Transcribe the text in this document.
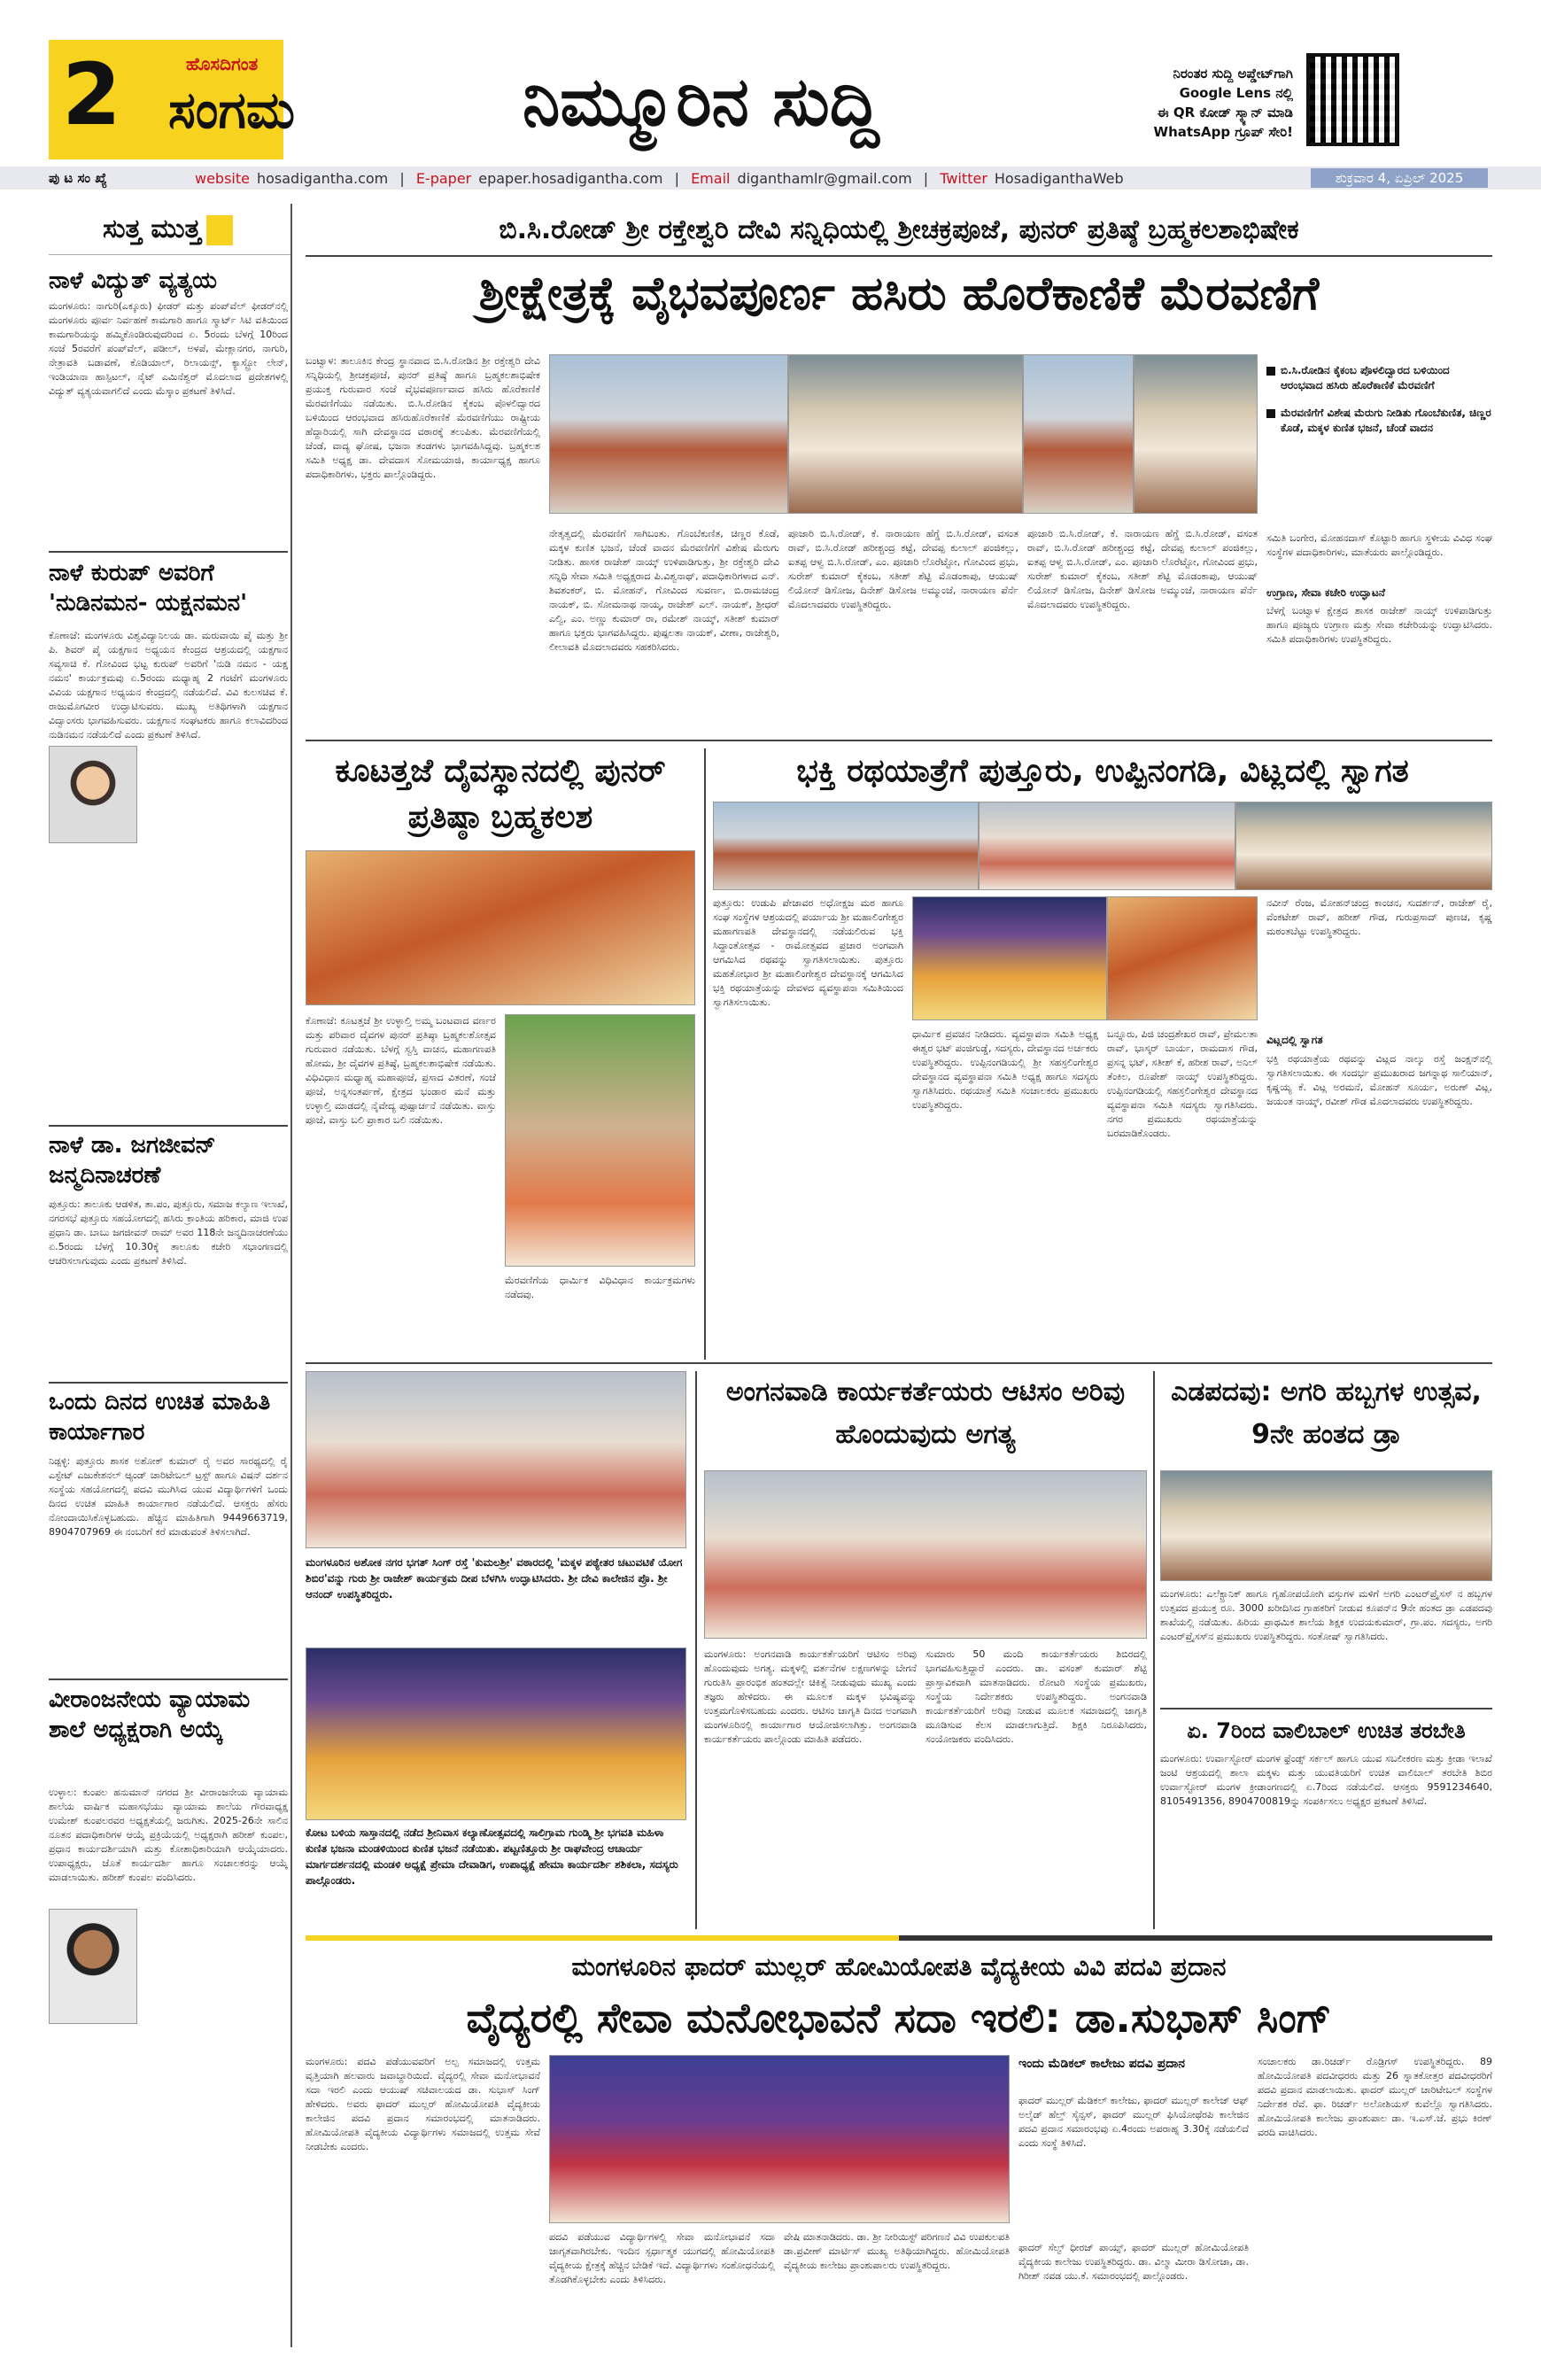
2	ಹೊಸದಿಗಂತ
ಸಂಗಮ	ನಿಮ್ಮೂರಿನ ಸುದ್ದಿ	ನಿರಂತರ ಸುದ್ದಿ ಅಪ್ಡೇಟ್‌ಗಾಗಿ
Google Lens ನಲ್ಲಿ
ಈ QR ಕೋಡ್ ಸ್ಕ್ಯಾನ್ ಮಾಡಿ
WhatsApp ಗ್ರೂಪ್ ಸೇರಿ!
ಪು ಟ ಸಂ ಖ್ಯೆ	website hosadigantha.com | E-paper epaper.hosadigantha.com | Email diganthamlr@gmail.com | Twitter HosadiganthaWeb	ಶುಕ್ರವಾರ 4, ಏಪ್ರಿಲ್ 2025
ಸುತ್ತ ಮುತ್ತ
ನಾಳೆ ವಿದ್ಯುತ್ ವ್ಯತ್ಯಯ
ಮಂಗಳೂರು: ನಾಗುರಿ(ಎಕ್ಕೂರು) ಫೀಡರ್ ಮತ್ತು ಪಂಪ್‌ವೆಲ್ ಫೀಡರ್‌ನಲ್ಲಿ ಮಂಗಳೂರು ಪೂರ್ವ ನಿರ್ವಹಣೆ ಕಾಮಗಾರಿ ಹಾಗೂ ಸ್ಮಾರ್ಟ್ ಸಿಟಿ ವತಿಯಿಂದ ಕಾಮಗಾರಿಯನ್ನು ಹಮ್ಮಿಕೊಂಡಿರುವುದರಿಂದ ಏ. 5ರಂದು ಬೆಳಗ್ಗೆ 10ರಿಂದ ಸಂಜೆ 5ರವರೆಗೆ ಪಂಪ್‌ವೆಲ್, ಪಡೀಲ್, ಅಳಪೆ, ಮೇಕ್ಲಾನಗರ, ನಾಗುರಿ, ನೇತ್ರಾವತಿ ಬಡಾವಣೆ, ಕೊಡಿಯಾಲ್, ರಿಲಾಯನ್ಸ್, ಕ್ಯಾಸ್ಟ್ರೋ ಲೇನ್, ಇಂಡಿಯಾನಾ ಹಾಸ್ಪಿಟಲ್, ನೈಟ್ ಎಮಿನೆಶ್ವರ್ ಮೊದಲಾದ ಪ್ರದೇಶಗಳಲ್ಲಿ ವಿದ್ಯುತ್ ವ್ಯತ್ಯಯವಾಗಲಿದೆ ಎಂದು ಮೆಸ್ಕಾಂ ಪ್ರಕಟಣೆ ತಿಳಿಸಿದೆ.
ನಾಳೆ ಕುರುಪ್ ಅವರಿಗೆ 'ನುಡಿನಮನ- ಯಕ್ಷನಮನ'
ಕೊಣಾಜೆ: ಮಂಗಳೂರು ವಿಶ್ವವಿದ್ಯಾನಿಲಯ ಡಾ. ಮರುವಾಯಿ ಪೈ ಮತ್ತು ಶ್ರೀ ಪಿ. ಶಿವರ್ ಪೈ ಯಕ್ಷಗಾನ ಅಧ್ಯಯನ ಕೇಂದ್ರದ ಆಶ್ರಯದಲ್ಲಿ ಯಕ್ಷಗಾನ ಸವ್ಯಸಾಚಿ ಕೆ. ಗೋವಿಂದ ಭಟ್ಟ ಕುರುಪ್ ಅವರಿಗೆ 'ನುಡಿ ನಮನ - ಯಕ್ಷ ನಮನ' ಕಾರ್ಯಕ್ರಮವು ಏ.5ರಂದು ಮಧ್ಯಾಹ್ನ 2 ಗಂಟೆಗೆ ಮಂಗಳೂರು ವಿವಿಯ ಯಕ್ಷಗಾನ ಅಧ್ಯಯನ ಕೇಂದ್ರದಲ್ಲಿ ನಡೆಯಲಿದೆ. ವಿವಿ ಕುಲಸಚಿವ ಕೆ. ರಾಜುಮೊಗವೀರ ಉದ್ಘಾಟಿಸುವರು. ಮುಖ್ಯ ಅತಿಥಿಗಳಾಗಿ ಯಕ್ಷಗಾನ ವಿದ್ವಾಂಸರು ಭಾಗವಹಿಸುವರು. ಯಕ್ಷಗಾನ ಸಂಘಟಕರು ಹಾಗೂ ಕಲಾವಿದರಿಂದ ನುಡಿನಮನ ನಡೆಯಲಿದೆ ಎಂದು ಪ್ರಕಟಣೆ ತಿಳಿಸಿದೆ.
ನಾಳೆ ಡಾ. ಜಗಜೀವನ್ ಜನ್ಮದಿನಾಚರಣೆ
ಪುತ್ತೂರು: ತಾಲೂಕು ಆಡಳಿತ, ತಾ.ಪಂ, ಪುತ್ತೂರು, ಸಮಾಜ ಕಲ್ಯಾಣ ಇಲಾಖೆ, ನಗರಸಭೆ ಪುತ್ತೂರು ಸಹಯೋಗದಲ್ಲಿ ಹಸಿರು ಕ್ರಾಂತಿಯ ಹರಿಕಾರ, ಮಾಜಿ ಉಪ ಪ್ರಧಾನಿ ಡಾ. ಬಾಬು ಜಗಜೀವನ್ ರಾಮ್ ಅವರ 118ನೇ ಜನ್ಮದಿನಾಚರಣೆಯು ಏ.5ರಂದು ಬೆಳಗ್ಗೆ 10.30ಕ್ಕೆ ತಾಲೂಕು ಕಚೇರಿ ಸಭಾಂಗಣದಲ್ಲಿ ಆಚರಿಸಲಾಗುವುದು ಎಂದು ಪ್ರಕಟಣೆ ತಿಳಿಸಿದೆ.
ಒಂದು ದಿನದ ಉಚಿತ ಮಾಹಿತಿ ಕಾರ್ಯಾಗಾರ
ನಿಡ್ಪಳ್ಳಿ: ಪುತ್ತೂರು ಶಾಸಕ ಅಶೋಕ್ ಕುಮಾರ್ ರೈ ಅವರ ಸಾರಥ್ಯದಲ್ಲಿ ರೈ ಎಸ್ಟೇಟ್ ಎಜುಕೇಶನಲ್ ಆ್ಯಂಡ್ ಚಾರಿಟೇಬಲ್ ಟ್ರಸ್ಟ್ ಹಾಗೂ ವಿಷನ್ ದರ್ಶನ ಸಂಸ್ಥೆಯ ಸಹಯೋಗದಲ್ಲಿ ಪದವಿ ಮುಗಿಸಿದ ಯುವ ವಿದ್ಯಾರ್ಥಿಗಳಿಗೆ ಒಂದು ದಿನದ ಉಚಿತ ಮಾಹಿತಿ ಕಾರ್ಯಾಗಾರ ನಡೆಯಲಿದೆ. ಆಸಕ್ತರು ಹೆಸರು ನೋಂದಾಯಿಸಿಕೊಳ್ಳಬಹುದು. ಹೆಚ್ಚಿನ ಮಾಹಿತಿಗಾಗಿ 9449663719, 8904707969 ಈ ನಂಬರಿಗೆ ಕರೆ ಮಾಡುವಂತೆ ತಿಳಿಸಲಾಗಿದೆ.
ವೀರಾಂಜನೇಯ ವ್ಯಾಯಾಮ ಶಾಲೆ ಅಧ್ಯಕ್ಷರಾಗಿ ಅಯ್ಕೆ
ಉಳ್ಳಾಲ: ಕುಂಪಲ ಹನುಮಾನ್ ನಗರದ ಶ್ರೀ ವೀರಾಂಜನೇಯ ವ್ಯಾಯಾಮ ಶಾಲೆಯ ವಾರ್ಷಿಕ ಮಹಾಸಭೆಯು ವ್ಯಾಯಾಮ ಶಾಲೆಯ ಗೌರವಾಧ್ಯಕ್ಷ ಉಮೇಶ್ ಕುಂಪಲರವರ ಅಧ್ಯಕ್ಷತೆಯಲ್ಲಿ ಜರುಗಿತು. 2025-26ನೇ ಸಾಲಿನ ನೂತನ ಪದಾಧಿಕಾರಿಗಳ ಆಯ್ಕೆ ಪ್ರಕ್ರಿಯೆಯಲ್ಲಿ ಅಧ್ಯಕ್ಷರಾಗಿ ಹರೀಶ್ ಕುಂಪಲ, ಪ್ರಧಾನ ಕಾರ್ಯದರ್ಶಿಯಾಗಿ ಮತ್ತು ಕೋಶಾಧಿಕಾರಿಯಾಗಿ ಆಯ್ಕೆಯಾದರು. ಉಪಾಧ್ಯಕ್ಷರು, ಜೊತೆ ಕಾರ್ಯದರ್ಶಿ ಹಾಗೂ ಸಂಚಾಲಕರನ್ನು ಆಯ್ಕೆ ಮಾಡಲಾಯಿತು. ಹರೀಶ್ ಕುಂಪಲ ವಂದಿಸಿದರು.
ಬಿ.ಸಿ.ರೋಡ್ ಶ್ರೀ ರಕ್ತೇಶ್ವರಿ ದೇವಿ ಸನ್ನಿಧಿಯಲ್ಲಿ ಶ್ರೀಚಕ್ರಪೂಜೆ, ಪುನರ್ ಪ್ರತಿಷ್ಠೆ ಬ್ರಹ್ಮಕಲಶಾಭಿಷೇಕ
ಶ್ರೀಕ್ಷೇತ್ರಕ್ಕೆ ವೈಭವಪೂರ್ಣ ಹಸಿರು ಹೊರೆಕಾಣಿಕೆ ಮೆರವಣಿಗೆ
ಬಂಟ್ವಾಳ: ತಾಲೂಕಿನ ಕೇಂದ್ರ ಸ್ಥಾನವಾದ ಬಿ.ಸಿ.ರೋಡಿನ ಶ್ರೀ ರಕ್ತೇಶ್ವರಿ ದೇವಿ ಸನ್ನಿಧಿಯಲ್ಲಿ ಶ್ರೀಚಕ್ರಪೂಜೆ, ಪುನರ್ ಪ್ರತಿಷ್ಠೆ ಹಾಗೂ ಬ್ರಹ್ಮಕಲಶಾಭಿಷೇಕ ಪ್ರಯುಕ್ತ ಗುರುವಾರ ಸಂಜೆ ವೈಭವಪೂರ್ಣವಾದ ಹಸಿರು ಹೊರೆಕಾಣಿಕೆ ಮೆರವಣಿಗೆಯು ನಡೆಯಿತು. ಬಿ.ಸಿ.ರೋಡಿನ ಕೈಕಂಬ ಪೊಳಲಿದ್ವಾರದ ಬಳಿಯಿಂದ ಆರಂಭವಾದ ಹಸಿರುಹೊರೆಕಾಣಿಕೆ ಮೆರವಣಿಗೆಯು ರಾಷ್ಟ್ರೀಯ ಹೆದ್ದಾರಿಯಲ್ಲಿ ಸಾಗಿ ದೇವಸ್ಥಾನದ ವಠಾರಕ್ಕೆ ತಲುಪಿತು. ಮೆರವಣಿಗೆಯಲ್ಲಿ ಚೆಂಡೆ, ವಾದ್ಯ ಘೋಷ, ಭಜನಾ ತಂಡಗಳು ಭಾಗವಹಿಸಿದ್ದವು. ಬ್ರಹ್ಮಕಲಶ ಸಮಿತಿ ಅಧ್ಯಕ್ಷ ಡಾ. ದೇವದಾಸ ಸೋಮಯಾಜಿ, ಕಾರ್ಯಾಧ್ಯಕ್ಷ ಹಾಗೂ ಪದಾಧಿಕಾರಿಗಳು, ಭಕ್ತರು ಪಾಲ್ಗೊಂಡಿದ್ದರು.
ನೇತೃತ್ವದಲ್ಲಿ ಮೆರವಣಿಗೆ ಸಾಗಿಬಂತು. ಗೊಂಬೆಕುಣಿತ, ಚಿಣ್ಣರ ಕೊಡೆ, ಮಕ್ಕಳ ಕುಣಿತ ಭಜನೆ, ಚೆಂಡೆ ವಾದನ ಮೆರವಣಿಗೆಗೆ ವಿಶೇಷ ಮೆರುಗು ನೀಡಿತು. ಹಾಸಕ ರಾಜೇಶ್ ನಾಯ್ಕ್ ಉಳಿಪಾಡಿಗುತ್ತು, ಶ್ರೀ ರಕ್ತೇಶ್ವರಿ ದೇವಿ ಸನ್ನಿಧಿ ಸೇವಾ ಸಮಿತಿ ಅಧ್ಯಕ್ಷರಾದ ಪಿ.ವಿಶ್ವನಾಥ್, ಪದಾಧಿಕಾರಿಗಳಾದ ಎನ್. ಶಿವಶಂಕರ್, ಬಿ. ಮೋಹನ್, ಗೋವಿಂದ ಸುವರ್ಣ, ಬಿ.ರಾಮಚಂದ್ರ ನಾಯಕ್, ಬಿ. ಸೋಮನಾಥ ನಾಯ್ಕ, ರಾಜೇಶ್ ಎಲ್. ನಾಯಕ್, ಶ್ರೀಧರ್ ಎಲ್ವಿ, ಎಂ. ಅಣ್ಣು ಕುಮಾರ್ ರಾ, ರಮೇಶ್ ನಾಯ್ಕ್, ಸತೀಶ್ ಕುಮಾರ್ ಹಾಗೂ ಭಕ್ತರು ಭಾಗವಹಿಸಿದ್ದರು. ಪುಷ್ಪಲತಾ ನಾಯಕ್, ವೀಣಾ, ರಾಜೇಶ್ವರಿ, ಲೀಲಾವತಿ ಮೊದಲಾದವರು ಸಹಕರಿಸಿದರು.
ಪೂಜಾರಿ ಬಿ.ಸಿ.ರೋಡ್, ಕೆ. ನಾರಾಯಣ ಹೆಗ್ಡೆ ಬಿ.ಸಿ.ರೋಡ್, ವಸಂತ ರಾವ್, ಬಿ.ಸಿ.ರೋಡ್ ಹರೀಶ್ಚಂದ್ರ ಕಟ್ಟೆ, ದೇವಪ್ಪ ಕುಲಾಲ್ ಪಂಜಿಕಲ್ಲು, ಐತಪ್ಪ ಆಳ್ವ ಬಿ.ಸಿ.ರೋಡ್, ಎಂ. ಪೂಜಾರಿ ಲೊರೆಟ್ಟೋ, ಗೋವಿಂದ ಪ್ರಭು, ಸುರೇಶ್ ಕುಮಾರ್ ಕೈಕಂಬ, ಸತೀಶ್ ಶೆಟ್ಟಿ ಮೊಡಂಕಾಪು, ಆಯುಷ್ ಲಿಯೋನ್ ಡಿಸೋಜ, ದಿನೇಶ್ ಡಿಸೋಜ ಅಮ್ಮುಂಜೆ, ನಾರಾಯಣ ಪೆರ್ನೆ ಮೊದಲಾದವರು ಉಪಸ್ಥಿತರಿದ್ದರು.
ಪೂಜಾರಿ ಬಿ.ಸಿ.ರೋಡ್, ಕೆ. ನಾರಾಯಣ ಹೆಗ್ಡೆ ಬಿ.ಸಿ.ರೋಡ್, ವಸಂತ ರಾವ್, ಬಿ.ಸಿ.ರೋಡ್ ಹರೀಶ್ಚಂದ್ರ ಕಟ್ಟೆ, ದೇವಪ್ಪ ಕುಲಾಲ್ ಪಂಜಿಕಲ್ಲು, ಐತಪ್ಪ ಆಳ್ವ ಬಿ.ಸಿ.ರೋಡ್, ಎಂ. ಪೂಜಾರಿ ಲೊರೆಟ್ಟೋ, ಗೋವಿಂದ ಪ್ರಭು, ಸುರೇಶ್ ಕುಮಾರ್ ಕೈಕಂಬ, ಸತೀಶ್ ಶೆಟ್ಟಿ ಮೊಡಂಕಾಪು, ಆಯುಷ್ ಲಿಯೋನ್ ಡಿಸೋಜ, ದಿನೇಶ್ ಡಿಸೋಜ ಅಮ್ಮುಂಜೆ, ನಾರಾಯಣ ಪೆರ್ನೆ ಮೊದಲಾದವರು ಉಪಸ್ಥಿತರಿದ್ದರು.
ಬಿ.ಸಿ.ರೋಡಿನ ಕೈಕಂಬ ಪೊಳಲಿದ್ವಾರದ ಬಳಿಯಿಂದ ಆರಂಭವಾದ ಹಸಿರು ಹೊರೆಕಾಣಿಕೆ ಮೆರವಣಿಗೆ
ಮೆರವಣಿಗೆಗೆ ವಿಶೇಷ ಮೆರುಗು ನೀಡಿತು ಗೊಂಬೆಕುಣಿತ, ಚಿಣ್ಣರ ಕೊಡೆ, ಮಕ್ಕಳ ಕುಣಿತ ಭಜನೆ, ಚೆಂಡೆ ವಾದನ
ಸಮಿತಿ ಬಂಗೇರ, ಮೋಹನದಾಸ್ ಕೊಟ್ಟಾರಿ ಹಾಗೂ ಸ್ಥಳೀಯ ವಿವಿಧ ಸಂಘ ಸಂಸ್ಥೆಗಳ ಪದಾಧಿಕಾರಿಗಳು, ಮಾತೆಯರು ಪಾಲ್ಗೊಂಡಿದ್ದರು.
ಉಗ್ರಾಣ, ಸೇವಾ ಕಚೇರಿ ಉದ್ಘಾಟನೆ
ಬೆಳಗ್ಗೆ ಬಂಟ್ವಾಳ ಕ್ಷೇತ್ರದ ಶಾಸಕ ರಾಜೇಶ್ ನಾಯ್ಕ್ ಉಳಿಪಾಡಿಗುತ್ತು ಹಾಗೂ ಪೂಜ್ಯರು ಉಗ್ರಾಣ ಮತ್ತು ಸೇವಾ ಕಚೇರಿಯನ್ನು ಉದ್ಘಾಟಿಸಿದರು. ಸಮಿತಿ ಪದಾಧಿಕಾರಿಗಳು ಉಪಸ್ಥಿತರಿದ್ದರು.
ಕೂಟತ್ತಜೆ ದೈವಸ್ಥಾನದಲ್ಲಿ ಪುನರ್ ಪ್ರತಿಷ್ಠಾ ಬ್ರಹ್ಮಕಲಶ
ಕೊಣಾಜೆ: ಕೂಟತ್ತಜೆ ಶ್ರೀ ಉಳ್ಳಾಲ್ತಿ ಅಮ್ಮ ಬಂಟವಾದ ವರ್ಣರ ಮತ್ತು ಪರಿವಾರ ದೈವಗಳ ಪುನರ್ ಪ್ರತಿಷ್ಠಾ ಬ್ರಹ್ಮಕಲಶೋತ್ಸವ ಗುರುವಾರ ನಡೆಯಿತು. ಬೆಳಗ್ಗೆ ಸ್ವಸ್ತಿ ವಾಚನ, ಮಹಾಗಣಪತಿ ಹೋಮ, ಶ್ರೀ ದೈವಗಳ ಪ್ರತಿಷ್ಠೆ, ಬ್ರಹ್ಮಕಲಶಾಭಿಷೇಕ ನಡೆಯಿತು. ವಿಧಿವಿಧಾನ ಮಧ್ಯಾಹ್ನ ಮಹಾಪೂಜೆ, ಪ್ರಸಾದ ವಿತರಣೆ, ಸಂಜೆ ಪೂಜೆ, ಅನ್ನಸಂತರ್ಪಣೆ, ಕ್ಷೇತ್ರದ ಭಂಡಾರ ಮನೆ ಮತ್ತು ಉಳ್ಳಾಲ್ತಿ ಮಾಡದಲ್ಲಿ ನೈವೇದ್ಯ ಪುಷ್ಪಾರ್ಚನೆ ನಡೆಯಿತು. ವಾಸ್ತು ಪೂಜೆ, ವಾಸ್ತು ಬಲಿ ಪ್ರಾಕಾರ ಬಲಿ ನಡೆಯಿತು.
ಮೆರವಣಿಗೆಯ ಧಾರ್ಮಿಕ ವಿಧಿವಿಧಾನ ಕಾರ್ಯಕ್ರಮಗಳು ನಡೆದವು.
ಭಕ್ತಿ ರಥಯಾತ್ರೆಗೆ ಪುತ್ತೂರು, ಉಪ್ಪಿನಂಗಡಿ, ವಿಟ್ಲದಲ್ಲಿ ಸ್ವಾಗತ
ಪುತ್ತೂರು: ಉಡುಪಿ ಪೇಜಾವರ ಅಧೋಕ್ಷಜ ಮಠ ಹಾಗೂ ಸಂಘ ಸಂಸ್ಥೆಗಳ ಆಶ್ರಯದಲ್ಲಿ ಪರ್ಯಾಯ ಶ್ರೀ ಮಹಾಲಿಂಗೇಶ್ವರ ಮಹಾಗಣಪತಿ ದೇವಸ್ಥಾನದಲ್ಲಿ ನಡೆಯಲಿರುವ ಭಕ್ತಿ ಸಿದ್ಧಾಂತೋತ್ಸವ - ರಾಮೋತ್ಸವದ ಪ್ರಚಾರ ಅಂಗವಾಗಿ ಆಗಮಿಸಿದ ರಥವನ್ನು ಸ್ವಾಗತಿಸಲಾಯಿತು. ಪುತ್ತೂರು ಮಹತೋಭಾರ ಶ್ರೀ ಮಹಾಲಿಂಗೇಶ್ವರ ದೇವಸ್ಥಾನಕ್ಕೆ ಆಗಮಿಸಿದ ಭಕ್ತಿ ರಥಯಾತ್ರೆಯನ್ನು ದೇವಳದ ವ್ಯವಸ್ಥಾಪನಾ ಸಮಿತಿಯಿಂದ ಸ್ವಾಗತಿಸಲಾಯಿತು.
ಧಾರ್ಮಿಕ ಪ್ರವಚನ ನೀಡಿದರು. ವ್ಯವಸ್ಥಾಪನಾ ಸಮಿತಿ ಅಧ್ಯಕ್ಷ ಈಶ್ವರ ಭಟ್ ಪಂಜಿಗುಡ್ಡೆ, ಸದಸ್ಯರು, ದೇವಸ್ಥಾನದ ಅರ್ಚಕರು ಉಪಸ್ಥಿತರಿದ್ದರು. ಉಪ್ಪಿನಂಗಡಿಯಲ್ಲಿ ಶ್ರೀ ಸಹಸ್ರಲಿಂಗೇಶ್ವರ ದೇವಸ್ಥಾನದ ವ್ಯವಸ್ಥಾಪನಾ ಸಮಿತಿ ಅಧ್ಯಕ್ಷ ಹಾಗೂ ಸದಸ್ಯರು ಸ್ವಾಗತಿಸಿದರು. ರಥಯಾತ್ರೆ ಸಮಿತಿ ಸಂಚಾಲಕರು ಪ್ರಮುಖರು ಉಪಸ್ಥಿತರಿದ್ದರು.
ಬನ್ನೂರು, ಪಿಜಿ ಚಂದ್ರಶೇಖರ ರಾವ್, ಪ್ರೇಮಲತಾ ರಾವ್, ಭಾಸ್ಕರ್ ಬಾರ್ಯ, ರಾಮದಾಸ ಗೌಡ, ಪ್ರಸನ್ನ ಭಟ್, ಸತೀಶ್ ಕೆ, ಹರೀಶ ರಾವ್, ಅನಿಲ್ ತೆಂಕಿಲ, ರೂಪೇಶ್ ನಾಯ್ಕ್ ಉಪಸ್ಥಿತರಿದ್ದರು. ಉಪ್ಪಿನಂಗಡಿಯಲ್ಲಿ ಸಹಸ್ರಲಿಂಗೇಶ್ವರ ದೇವಸ್ಥಾನದ ವ್ಯವಸ್ಥಾಪನಾ ಸಮಿತಿ ಸದಸ್ಯರು ಸ್ವಾಗತಿಸಿದರು. ನಗರ ಪ್ರಮುಖರು ರಥಯಾತ್ರೆಯನ್ನು ಬರಮಾಡಿಕೊಂಡರು.
ನವೀನ್ ರೆಂಜ, ಮೋಹನ್‌ಚಂದ್ರ ಕಾಂಚನ, ಸುದರ್ಶನ್, ರಾಜೇಶ್ ರೈ, ವೆಂಕಟೇಶ್ ರಾವ್, ಹರೀಶ್ ಗೌಡ, ಗುರುಪ್ರಸಾದ್ ಪುಣಚ, ಕೃಷ್ಣ ಮಠಂತಬೆಟ್ಟು ಉಪಸ್ಥಿತರಿದ್ದರು.
ವಿಟ್ಲದಲ್ಲಿ ಸ್ವಾಗತ
ಭಕ್ತಿ ರಥಯಾತ್ರೆಯ ರಥವನ್ನು ವಿಟ್ಲದ ನಾಲ್ಕು ರಸ್ತೆ ಜಂಕ್ಷನ್‌ನಲ್ಲಿ ಸ್ವಾಗತಿಸಲಾಯಿತು. ಈ ಸಂದರ್ಭ ಪ್ರಮುಖರಾದ ಜಗನ್ನಾಥ ಸಾಲಿಯಾನ್, ಕೃಷ್ಣಯ್ಯ ಕೆ. ವಿಟ್ಲ ಅರಮನೆ, ಮೋಹನ್ ಸೂರ್ಯ, ಅರುಣ್ ವಿಟ್ಲ, ಜಯಂತ ನಾಯ್ಕ್, ರವೀಶ್ ಗೌಡ ಮೊದಲಾದವರು ಉಪಸ್ಥಿತರಿದ್ದರು.
ಮಂಗಳೂರಿನ ಅಶೋಕ ನಗರ ಭಗತ್ ಸಿಂಗ್ ರಸ್ತೆ 'ಕುಮಲಶ್ರೀ' ವಠಾರದಲ್ಲಿ 'ಮಕ್ಕಳ ಪಠ್ಯೇತರ ಚಟುವಟಿಕೆ ಯೋಗ ಶಿಬಿರ'ವನ್ನು ಗುರು ಶ್ರೀ ರಾಜೇಶ್ ಕಾರ್ಯಕ್ರಮ ದೀಪ ಬೆಳಗಿಸಿ ಉದ್ಘಾಟಿಸಿದರು. ಶ್ರೀ ದೇವಿ ಕಾಲೇಜಿನ ಪ್ರೊ. ಶ್ರೀ ಆನಂದ್ ಉಪಸ್ಥಿತರಿದ್ದರು.
ಕೋಟ ಬಳಿಯ ಸಾಸ್ತಾನದಲ್ಲಿ ನಡೆದ ಶ್ರೀನಿವಾಸ ಕಲ್ಯಾಣೋತ್ಸವದಲ್ಲಿ ಸಾಲಿಗ್ರಾಮ ಗುಂಡ್ಮಿ ಶ್ರೀ ಭಗವತಿ ಮಹಿಳಾ ಕುಣಿತ ಭಜನಾ ಮಂಡಳಿಯಿಂದ ಕುಣಿತ ಭಜನೆ ನಡೆಯಿತು. ಪಟ್ಟಣಿತ್ತೂರು ಶ್ರೀ ರಾಘವೇಂದ್ರ ಆಚಾರ್ಯ ಮಾರ್ಗದರ್ಶನದಲ್ಲಿ ಮಂಡಳಿ ಅಧ್ಯಕ್ಷೆ ಪ್ರೇಮಾ ದೇವಾಡಿಗ, ಉಪಾಧ್ಯಕ್ಷೆ ಹೇಮಾ ಕಾರ್ಯದರ್ಶಿ ಶಶಿಕಲಾ, ಸದಸ್ಯರು ಪಾಲ್ಗೊಂಡರು.
ಅಂಗನವಾಡಿ ಕಾರ್ಯಕರ್ತೆಯರು ಆಟಿಸಂ ಅರಿವು ಹೊಂದುವುದು ಅಗತ್ಯ
ಮಂಗಳೂರು: ಅಂಗನವಾಡಿ ಕಾರ್ಯಕರ್ತೆಯರಿಗೆ ಆಟಿಸಂ ಅರಿವು ಹೊಂದುವುದು ಅಗತ್ಯ. ಮಕ್ಕಳಲ್ಲಿ ವರ್ತನೆಗಳ ಲಕ್ಷಣಗಳನ್ನು ಬೇಗನೆ ಗುರುತಿಸಿ ಪ್ರಾರಂಭಿಕ ಹಂತದಲ್ಲೇ ಚಿಕಿತ್ಸೆ ನೀಡುವುದು ಮುಖ್ಯ ಎಂದು ತಜ್ಞರು ಹೇಳಿದರು. ಈ ಮೂಲಕ ಮಕ್ಕಳ ಭವಿಷ್ಯವನ್ನು ಉತ್ತಮಗೊಳಿಸಬಹುದು ಎಂದರು. ಆಟಿಸಂ ಜಾಗೃತಿ ದಿನದ ಅಂಗವಾಗಿ ಮಂಗಳೂರಿನಲ್ಲಿ ಕಾರ್ಯಾಗಾರ ಆಯೋಜಿಸಲಾಗಿತ್ತು. ಅಂಗನವಾಡಿ ಕಾರ್ಯಕರ್ತೆಯರು ಪಾಲ್ಗೊಂಡು ಮಾಹಿತಿ ಪಡೆದರು.
ಸುಮಾರು 50 ಮಂದಿ ಕಾರ್ಯಕರ್ತೆಯರು ಶಿಬಿರದಲ್ಲಿ ಭಾಗವಹಿಸುತ್ತಿದ್ದಾರೆ ಎಂದರು. ಡಾ. ವಸಂತ್ ಕುಮಾರ್ ಶೆಟ್ಟಿ ಪ್ರಾಸ್ತಾವಿಕವಾಗಿ ಮಾತನಾಡಿದರು. ರೋಟರಿ ಸಂಸ್ಥೆಯ ಪ್ರಮುಖರು, ಸಂಸ್ಥೆಯ ನಿರ್ದೇಶಕರು ಉಪಸ್ಥಿತರಿದ್ದರು. ಅಂಗನವಾಡಿ ಕಾರ್ಯಕರ್ತೆಯರಿಗೆ ಅರಿವು ನೀಡುವ ಮೂಲಕ ಸಮಾಜದಲ್ಲಿ ಜಾಗೃತಿ ಮೂಡಿಸುವ ಕೆಲಸ ಮಾಡಲಾಗುತ್ತಿದೆ. ಶಿಕ್ಷಕಿ ನಿರೂಪಿಸಿದರು, ಸಂಯೋಜಕರು ವಂದಿಸಿದರು.
ಎಡಪದವು: ಅಗರಿ ಹಬ್ಬಗಳ ಉತ್ಸವ, 9ನೇ ಹಂತದ ಡ್ರಾ
ಮಂಗಳೂರು: ಎಲೆಕ್ಟ್ರಾನಿಕ್ ಹಾಗೂ ಗೃಹೋಪಯೋಗಿ ವಸ್ತುಗಳ ಮಳಿಗೆ ಅಗರಿ ಎಂಟರ್‌ಪ್ರೈಸಸ್‌ ನ ಹಬ್ಬಗಳ ಉತ್ಸವದ ಪ್ರಯುಕ್ತ ರೂ. 3000 ಖರೀದಿಸಿದ ಗ್ರಾಹಕರಿಗೆ ನೀಡುವ ಕೂಪನ್‌ನ 9ನೇ ಹಂತದ ಡ್ರಾ ಎಡಪದವು ಶಾಖೆಯಲ್ಲಿ ನಡೆಯಿತು. ಹಿರಿಯ ಪ್ರಾಥಮಿಕ ಶಾಲೆಯ ಶಿಕ್ಷಕ ಉದಯಕುಮಾರ್, ಗ್ರಾ.ಪಂ. ಸದಸ್ಯರು, ಅಗರಿ ಎಂಟರ್‌ಪ್ರೈಸಸ್‌ನ ಪ್ರಮುಖರು ಉಪಸ್ಥಿತರಿದ್ದರು. ಸಂತೋಷ್ ಸ್ವಾಗತಿಸಿದರು.
ಏ. 7ರಿಂದ ವಾಲಿಬಾಲ್ ಉಚಿತ ತರಬೇತಿ
ಮಂಗಳೂರು: ಉರ್ವಾಸ್ಟೋರ್ ಮಂಗಳ ಫ್ರೆಂಡ್ಸ್ ಸರ್ಕಲ್ ಹಾಗೂ ಯುವ ಸಬಲೀಕರಣ ಮತ್ತು ಕ್ರೀಡಾ ಇಲಾಖೆ ಜಂಟಿ ಆಶ್ರಯದಲ್ಲಿ ಶಾಲಾ ಮಕ್ಕಳು ಮತ್ತು ಯುವತಿಯರಿಗೆ ಉಚಿತ ವಾಲಿಬಾಲ್ ತರಬೇತಿ ಶಿಬಿರ ಉರ್ವಾಸ್ಟೋರ್ ಮಂಗಳ ಕ್ರೀಡಾಂಗಣದಲ್ಲಿ ಏ.7ರಿಂದ ನಡೆಯಲಿದೆ. ಆಸಕ್ತರು 9591234640, 8105491356, 8904700819ನ್ನು ಸಂಪರ್ಕಿಸಲು ಅಧ್ಯಕ್ಷರ ಪ್ರಕಟಣೆ ತಿಳಿಸಿದೆ.
ಮಂಗಳೂರಿನ ಫಾದರ್ ಮುಲ್ಲರ್ ಹೋಮಿಯೋಪತಿ ವೈದ್ಯಕೀಯ ವಿವಿ ಪದವಿ ಪ್ರದಾನ
ವೈದ್ಯರಲ್ಲಿ ಸೇವಾ ಮನೋಭಾವನೆ ಸದಾ ಇರಲಿ: ಡಾ.ಸುಭಾಸ್ ಸಿಂಗ್
ಮಂಗಳೂರು: ಪದವಿ ಪಡೆಯುವವರಿಗೆ ಅಲ್ಪ ಸಮಾಜದಲ್ಲಿ ಉತ್ತಮ ವೃತ್ತಿಯಾಗಿ ಹಲವಾರು ಜವಾಬ್ದಾರಿಯಿದೆ. ವೈದ್ಯರಲ್ಲಿ ಸೇವಾ ಮನೋಭಾವನೆ ಸದಾ ಇರಲಿ ಎಂದು ಆಯುಷ್ ಸಚಿವಾಲಯದ ಡಾ. ಸುಭಾಸ್ ಸಿಂಗ್ ಹೇಳಿದರು. ಅವರು ಫಾದರ್ ಮುಲ್ಲರ್ ಹೋಮಿಯೋಪತಿ ವೈದ್ಯಕೀಯ ಕಾಲೇಜಿನ ಪದವಿ ಪ್ರದಾನ ಸಮಾರಂಭದಲ್ಲಿ ಮಾತನಾಡಿದರು. ಹೋಮಿಯೋಪತಿ ವೈದ್ಯಕೀಯ ವಿದ್ಯಾರ್ಥಿಗಳು ಸಮಾಜದಲ್ಲಿ ಉತ್ತಮ ಸೇವೆ ನೀಡಬೇಕು ಎಂದರು.
ಪದವಿ ಪಡೆಯುವ ವಿದ್ಯಾರ್ಥಿಗಳಲ್ಲಿ ಸೇವಾ ಮನೋಭಾವನೆ ಸದಾ ಜಾಗೃತವಾಗಿರಬೇಕು. ಇಂದಿನ ಸ್ಪರ್ಧಾತ್ಮಕ ಯುಗದಲ್ಲಿ ಹೋಮಿಯೋಪತಿ ವೈದ್ಯಕೀಯ ಕ್ಷೇತ್ರಕ್ಕೆ ಹೆಚ್ಚಿನ ಬೇಡಿಕೆ ಇದೆ. ವಿದ್ಯಾರ್ಥಿಗಳು ಸಂಶೋಧನೆಯಲ್ಲಿ ತೊಡಗಿಕೊಳ್ಳಬೇಕು ಎಂದು ತಿಳಿಸಿದರು.
ವೇಷಿ ಮಾತನಾಡಿದರು. ಡಾ. ಶ್ರೀ ನೀರಿಯಿಸ್ಟ್ ಪರಿಗಣನೆ ವಿವಿ ಉಪಕುಲಪತಿ ಡಾ.ಪ್ರವೀಣ್ ಮಾರ್ಟಿಸ್ ಮುಖ್ಯ ಅತಿಥಿಯಾಗಿದ್ದರು. ಹೋಮಿಯೋಪತಿ ವೈದ್ಯಕೀಯ ಕಾಲೇಜು ಪ್ರಾಂಶುಪಾಲರು ಉಪಸ್ಥಿತರಿದ್ದರು.
ಇಂದು ಮೆಡಿಕಲ್ ಕಾಲೇಜು ಪದವಿ ಪ್ರದಾನ
ಫಾದರ್ ಮುಲ್ಲರ್ ಮೆಡಿಕಲ್ ಕಾಲೇಜು, ಫಾದರ್ ಮುಲ್ಲರ್ ಕಾಲೇಜ್ ಆಫ್ ಅಲೈಡ್ ಹೆಲ್ತ್ ಸೈನ್ಸಸ್, ಫಾದರ್ ಮುಲ್ಲರ್ ಫಿಸಿಯೋಥೆರಪಿ ಕಾಲೇಜಿನ ಪದವಿ ಪ್ರದಾನ ಸಮಾರಂಭವು ಏ.4ರಂದು ಅಪರಾಹ್ನ 3.30ಕ್ಕೆ ನಡೆಯಲಿದೆ ಎಂದು ಸಂಸ್ಥೆ ತಿಳಿಸಿದೆ.
ಫಾದರ್ ಸೆಲ್ವ್ ಧೀರಜ್ ಪಾಯ್ಸ್, ಫಾದರ್ ಮುಲ್ಲರ್ ಹೋಮಿಯೋಪತಿ ವೈದ್ಯಕೀಯ ಕಾಲೇಜು ಉಪಸ್ಥಿತರಿದ್ದರು. ಡಾ. ವಿಲ್ಮಾ ಮೀರಾ ಡಿಸೋಜಾ, ಡಾ. ಗಿರೀಶ್ ನವಡ ಯು.ಕೆ. ಸಮಾರಂಭದಲ್ಲಿ ಪಾಲ್ಗೊಂಡರು.
ಸಂಚಾಲಕರು ಡಾ.ರಿಚರ್ಡ್ ರೊಡ್ರಿಗಸ್ ಉಪಸ್ಥಿತರಿದ್ದರು. 89 ಹೋಮಿಯೋಪತಿ ಪದವೀಧರರು ಮತ್ತು 26 ಸ್ನಾತಕೋತ್ತರ ಪದವೀಧರರಿಗೆ ಪದವಿ ಪ್ರದಾನ ಮಾಡಲಾಯಿತು. ಫಾದರ್ ಮುಲ್ಲರ್ ಚಾರಿಟೇಬಲ್ ಸಂಸ್ಥೆಗಳ ನಿರ್ದೇಶಕ ರೆವೆ. ಫಾ. ರಿಚರ್ಡ್ ಅಲೋಶಿಯಸ್ ಕುವೆಲ್ಲೊ ಸ್ವಾಗತಿಸಿದರು. ಹೋಮಿಯೋಪತಿ ಕಾಲೇಜು ಪ್ರಾಂಶುಪಾಲ ಡಾ. ಇ.ಎಸ್.ಜೆ. ಪ್ರಭು ಕಿರಣ್ ವರದಿ ವಾಚಿಸಿದರು.
